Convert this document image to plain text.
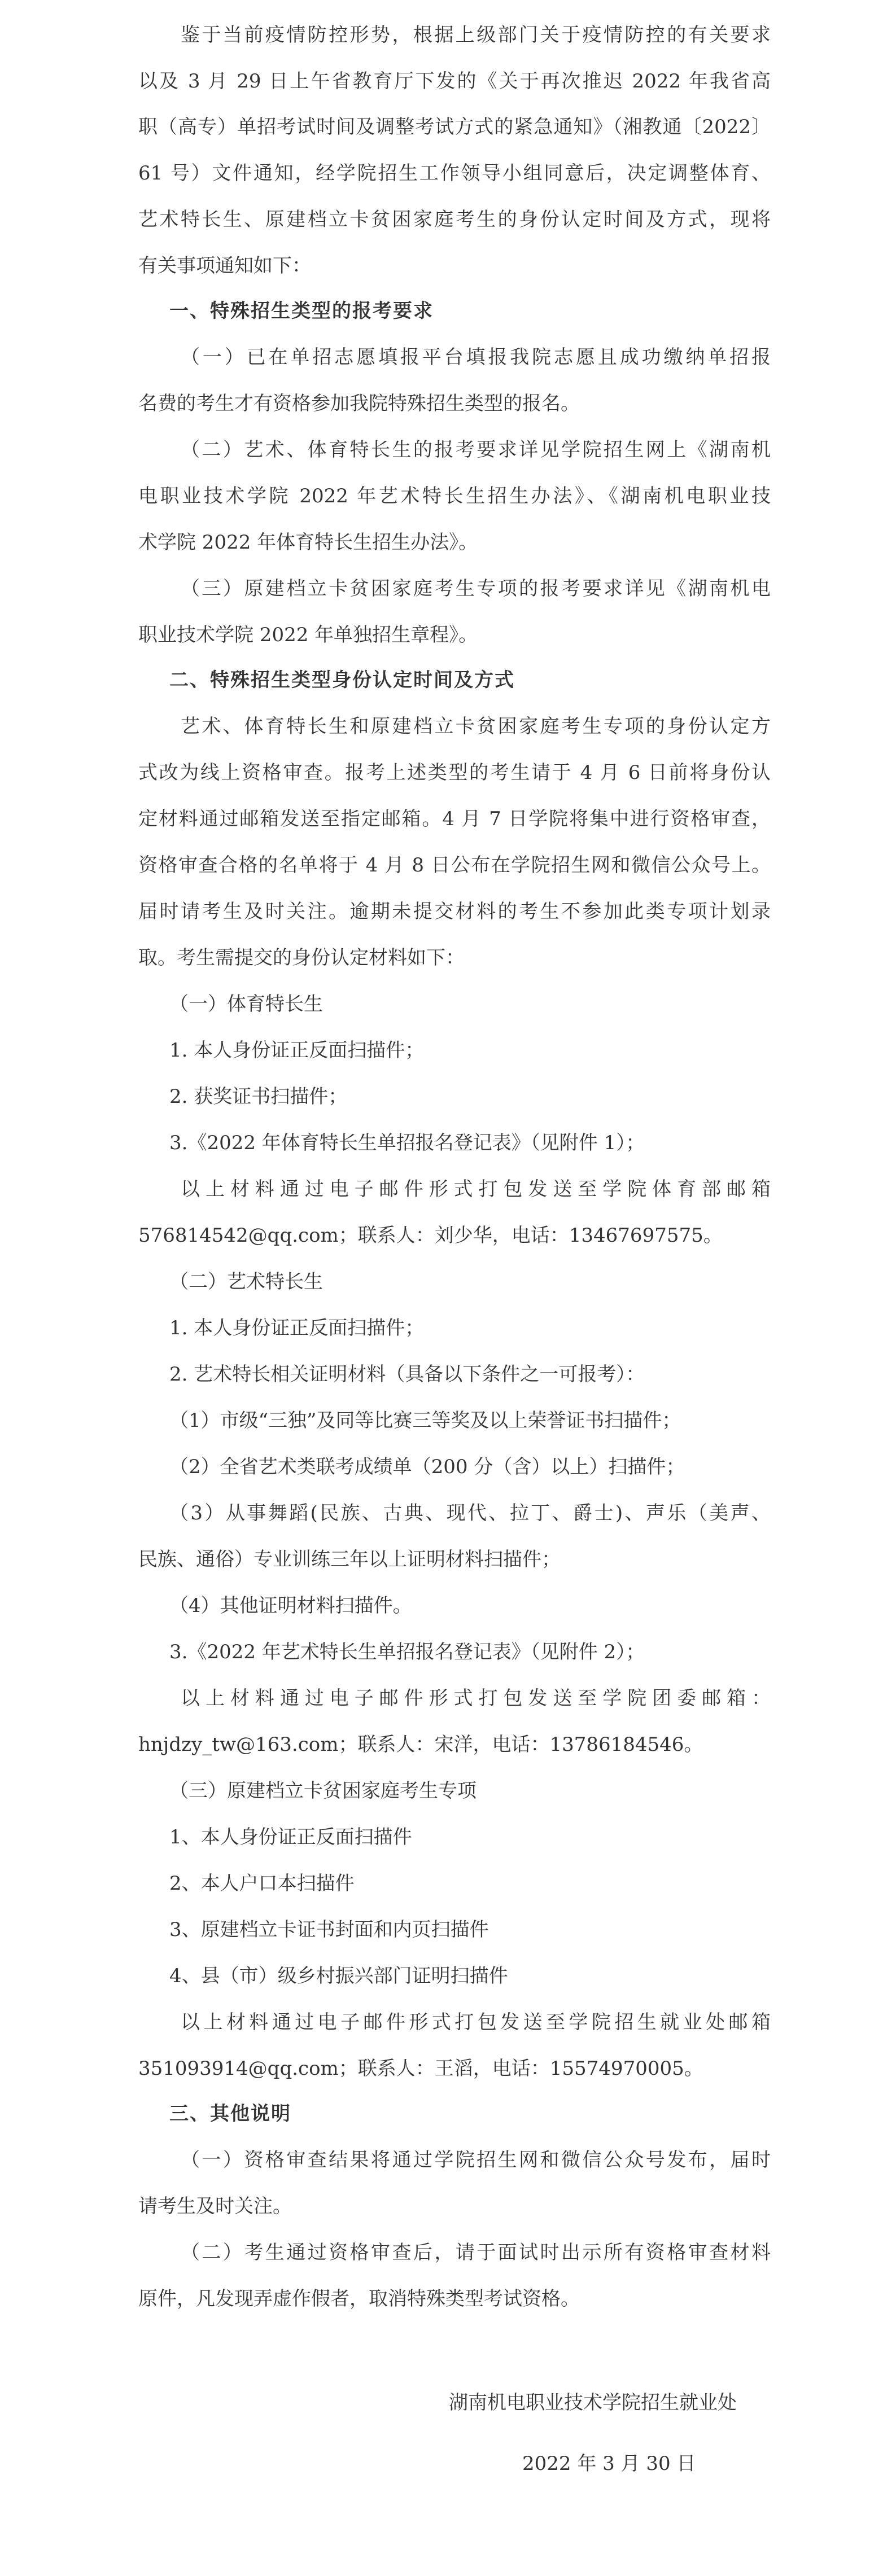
鉴于当前疫情防控形势，根据上级部门关于疫情防控的有关要求
以及 3 月 29 日上午省教育厅下发的《关于再次推迟 2022 年我省高
职（高专）单招考试时间及调整考试方式的紧急通知》（湘教通〔2022〕
61 号）文件通知，经学院招生工作领导小组同意后，决定调整体育、
艺术特长生、原建档立卡贫困家庭考生的身份认定时间及方式，现将
有关事项通知如下：
一、特殊招生类型的报考要求
（一）已在单招志愿填报平台填报我院志愿且成功缴纳单招报
名费的考生才有资格参加我院特殊招生类型的报名。
（二）艺术、体育特长生的报考要求详见学院招生网上《湖南机
电职业技术学院 2022 年艺术特长生招生办法》、《湖南机电职业技
术学院 2022 年体育特长生招生办法》。
（三）原建档立卡贫困家庭考生专项的报考要求详见《湖南机电
职业技术学院 2022 年单独招生章程》。
二、特殊招生类型身份认定时间及方式
艺术、体育特长生和原建档立卡贫困家庭考生专项的身份认定方
式改为线上资格审查。报考上述类型的考生请于 4 月 6 日前将身份认
定材料通过邮箱发送至指定邮箱。4 月 7 日学院将集中进行资格审查，
资格审查合格的名单将于 4 月 8 日公布在学院招生网和微信公众号上。
届时请考生及时关注。逾期未提交材料的考生不参加此类专项计划录
取。考生需提交的身份认定材料如下：
（一）体育特长生
1. 本人身份证正反面扫描件；
2. 获奖证书扫描件；
3.《2022 年体育特长生单招报名登记表》（见附件 1）；
以上材料通过电子邮件形式打包发送至学院体育部邮箱
576814542@qq.com；联系人：刘少华，电话：13467697575。
（二）艺术特长生
1. 本人身份证正反面扫描件；
2. 艺术特长相关证明材料（具备以下条件之一可报考）：
（1）市级“三独”及同等比赛三等奖及以上荣誉证书扫描件；
（2）全省艺术类联考成绩单（200 分（含）以上）扫描件；
（3）从事舞蹈(民族、古典、现代、拉丁、爵士)、声乐（美声、
民族、通俗）专业训练三年以上证明材料扫描件；
（4）其他证明材料扫描件。
3.《2022 年艺术特长生单招报名登记表》（见附件 2）；
以上材料通过电子邮件形式打包发送至学院团委邮箱：
hnjdzy_tw@163.com；联系人：宋洋，电话：13786184546。
（三）原建档立卡贫困家庭考生专项
1、本人身份证正反面扫描件
2、本人户口本扫描件
3、原建档立卡证书封面和内页扫描件
4、县（市）级乡村振兴部门证明扫描件
以上材料通过电子邮件形式打包发送至学院招生就业处邮箱
351093914@qq.com；联系人：王滔，电话：15574970005。
三、其他说明
（一）资格审查结果将通过学院招生网和微信公众号发布，届时
请考生及时关注。
（二）考生通过资格审查后，请于面试时出示所有资格审查材料
原件，凡发现弄虚作假者，取消特殊类型考试资格。
湖南机电职业技术学院招生就业处
2022 年 3 月 30 日
